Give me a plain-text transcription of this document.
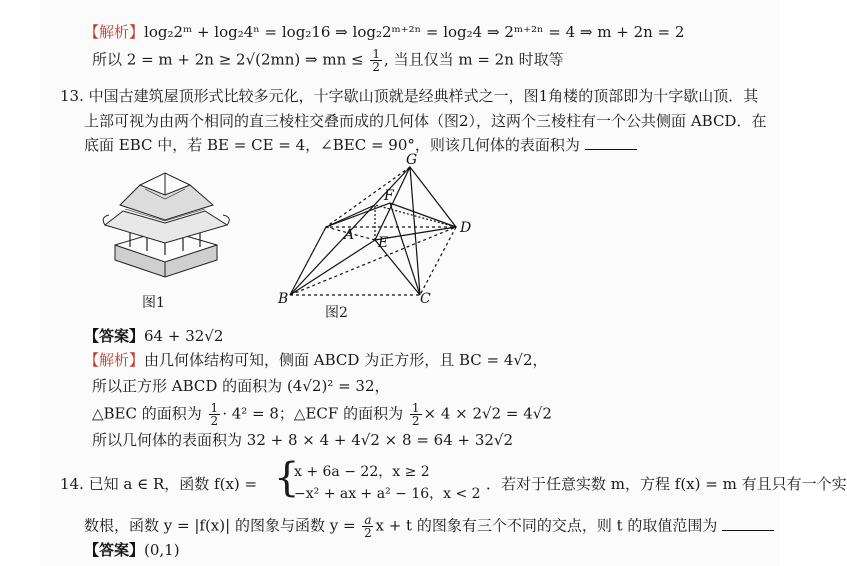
【解析】log₂2ᵐ + log₂4ⁿ = log₂16 ⇒ log₂2ᵐ⁺²ⁿ = log₂4 ⇒ 2ᵐ⁺²ⁿ = 4 ⇒ m + 2n = 2
所以 2 = m + 2n ≥ 2√(2mn) ⇒ mn ≤ $\frac{1}{2}$ , 当且仅当 m = 2n 时取等
13. 中国古建筑屋顶形式比较多元化，十字歇山顶就是经典样式之一，图1角楼的顶部即为十字歇山顶．其
上部可视为由两个相同的直三棱柱交叠而成的几何体（图2），这两个三棱柱有一个公共侧面 ABCD．在
底面 EBC 中，若 BE = CE = 4，∠BEC = 90°，则该几何体的表面积为
图1
G
F
A E
D
B	C
图2
【答案】64 + 32√2
【解析】由几何体结构可知，侧面 ABCD 为正方形，且 BC = 4√2，
所以正方形 ABCD 的面积为 (4√2)² = 32，
△BEC 的面积为 $\frac{1}{2} \cdot 4^2 = 8$；△ECF 的面积为 $\frac{1}{2} \times 4 \times 2√2 = 4√2$
所以几何体的表面积为 32 + 8 × 4 + 4√2 × 8 = 64 + 32√2
14. 已知 a ∈ R，函数 f(x) = {
x + 6a − 22，x ≥ 2
−x² + ax + a² − 16，x < 2
．若对于任意实数 m，方程 f(x) = m 有且只有一个实
数根，函数 y = |f(x)| 的图象与函数 $y = \frac{a}{2}$ x + t 的图象有三个不同的交点，则 t 的取值范围为
【答案】(0,1)
